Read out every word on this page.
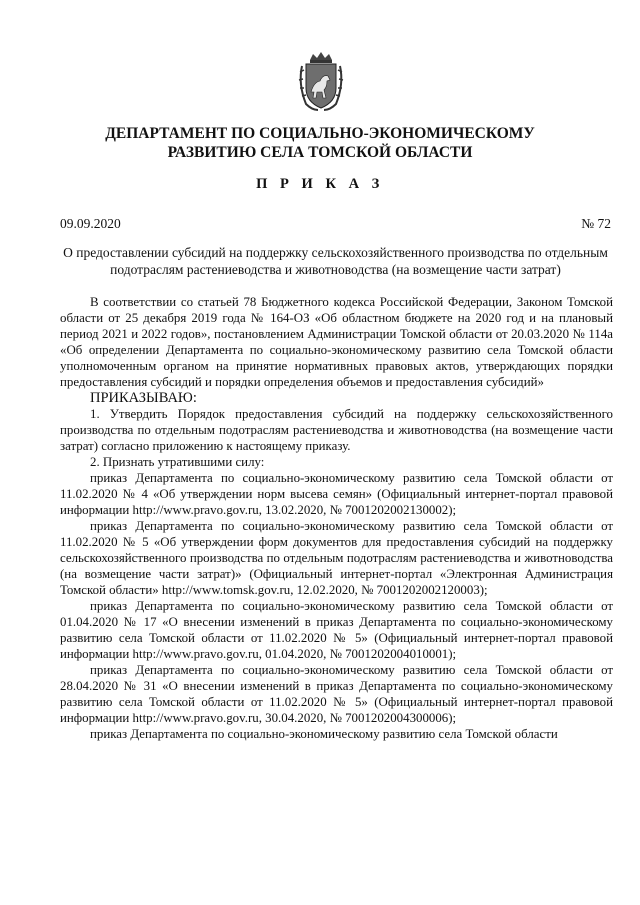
ДЕПАРТАМЕНТ ПО СОЦИАЛЬНО-ЭКОНОМИЧЕСКОМУ

РАЗВИТИЮ СЕЛА ТОМСКОЙ ОБЛАСТИ

П Р И К А З

09.09.2020	№ 72

О предоставлении субсидий на поддержку сельскохозяйственного производства по отдельным подотраслям растениеводства и животноводства (на возмещение части затрат)

В соответствии со статьей 78 Бюджетного кодекса Российской Федерации, Законом Томской области от 25 декабря 2019 года № 164-ОЗ «Об областном бюджете на 2020 год и на плановый период 2021 и 2022 годов», постановлением Администрации Томской области от 20.03.2020 № 114а «Об определении Департамента по социально-экономическому развитию села Томской области уполномоченным органом на принятие нормативных правовых актов, утверждающих порядки предоставления субсидий и порядки определения объемов и предоставления субсидий»

ПРИКАЗЫВАЮ:

1. Утвердить Порядок предоставления субсидий на поддержку сельскохозяйственного производства по отдельным подотраслям растениеводства и животноводства (на возмещение части затрат) согласно приложению к настоящему приказу.

2. Признать утратившими силу:

приказ Департамента по социально-экономическому развитию села Томской области от 11.02.2020 № 4 «Об утверждении норм высева семян» (Официальный интернет-портал правовой информации http://www.pravo.gov.ru, 13.02.2020, № 7001202002130002);

приказ Департамента по социально-экономическому развитию села Томской области от 11.02.2020 № 5 «Об утверждении форм документов для предоставления субсидий на поддержку сельскохозяйственного производства по отдельным подотраслям растениеводства и животноводства (на возмещение части затрат)» (Официальный интернет-портал «Электронная Администрация Томской области» http://www.tomsk.gov.ru, 12.02.2020, № 7001202002120003);

приказ Департамента по социально-экономическому развитию села Томской области от 01.04.2020 № 17 «О внесении изменений в приказ Департамента по социально-экономическому развитию села Томской области от 11.02.2020 № 5» (Официальный интернет-портал правовой информации http://www.pravo.gov.ru, 01.04.2020, № 7001202004010001);

приказ Департамента по социально-экономическому развитию села Томской области от 28.04.2020 № 31 «О внесении изменений в приказ Департамента по социально-экономическому развитию села Томской области от 11.02.2020 № 5» (Официальный интернет-портал правовой информации http://www.pravo.gov.ru, 30.04.2020, № 7001202004300006);

приказ Департамента по социально-экономическому развитию села Томской области
